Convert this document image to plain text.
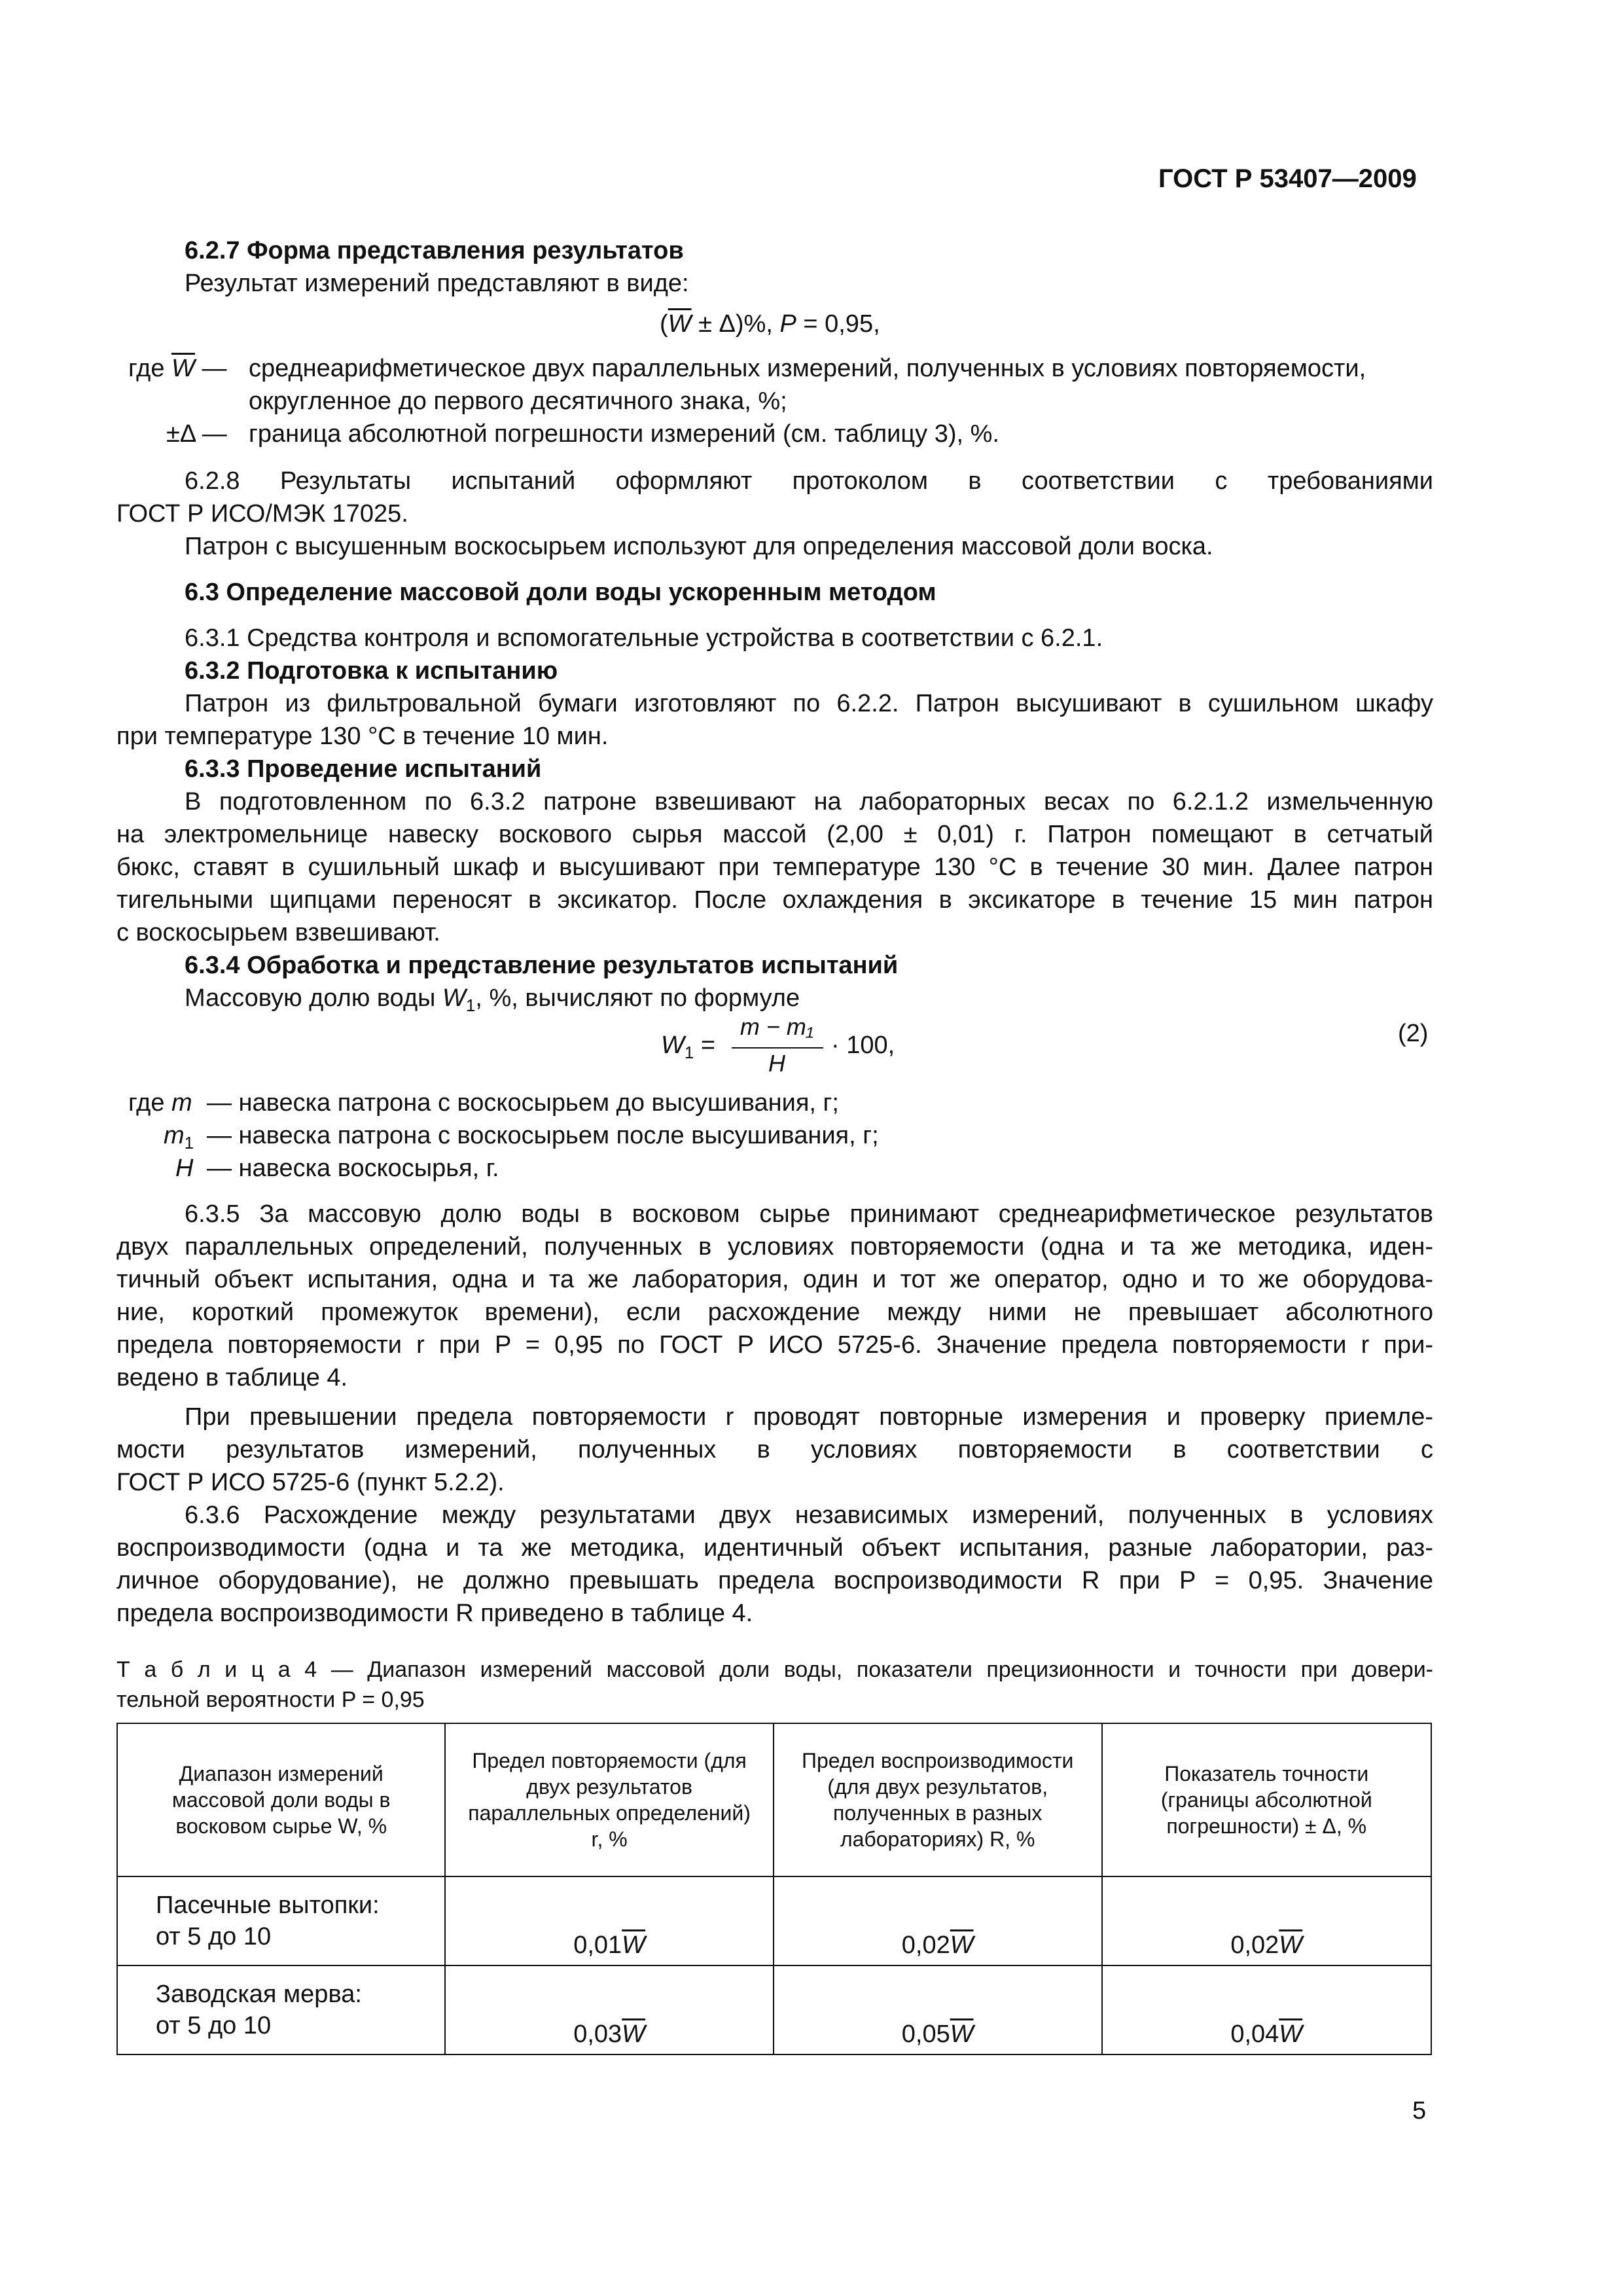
ГОСТ Р 53407—2009
6.2.7 Форма представления результатов
Результат измерений представляют в виде:
$(\overline{W} \pm \Delta)\%$, P = 0,95,
где $\overline{W}$ — среднеарифметическое двух параллельных измерений, полученных в условиях повторяемости,
округленное до первого десятичного знака, %;
±Δ — граница абсолютной погрешности измерений (см. таблицу 3), %.
6.2.8 Результаты испытаний оформляют протоколом в соответствии с требованиями
ГОСТ Р ИСО/МЭК 17025.
Патрон с высушенным воскосырьем используют для определения массовой доли воска.
6.3 Определение массовой доли воды ускоренным методом
6.3.1 Средства контроля и вспомогательные устройства в соответствии с 6.2.1.
6.3.2 Подготовка к испытанию
Патрон из фильтровальной бумаги изготовляют по 6.2.2. Патрон высушивают в сушильном шкафу
при температуре 130 °С в течение 10 мин.
6.3.3 Проведение испытаний
В подготовленном по 6.3.2 патроне взвешивают на лабораторных весах по 6.2.1.2 измельченную
на электромельнице навеску воскового сырья массой (2,00 ± 0,01) г. Патрон помещают в сетчатый
бюкс, ставят в сушильный шкаф и высушивают при температуре 130 °С в течение 30 мин. Далее патрон
тигельными щипцами переносят в эксикатор. После охлаждения в эксикаторе в течение 15 мин патрон
с воскосырьем взвешивают.
6.3.4 Обработка и представление результатов испытаний
Массовую долю воды $W_1$, %, вычисляют по формуле
$W_1$ =
m − m₁
H
· 100,	(2)
где m — навеска патрона с воскосырьем до высушивания, г;
$m_1$ — навеска патрона с воскосырьем после высушивания, г;
H — навеска воскосырья, г.
6.3.5 За массовую долю воды в восковом сырье принимают среднеарифметическое результатов
двух параллельных определений, полученных в условиях повторяемости (одна и та же методика, иден-
тичный объект испытания, одна и та же лаборатория, один и тот же оператор, одно и то же оборудова-
ние, короткий промежуток времени), если расхождение между ними не превышает абсолютного
предела повторяемости r при P = 0,95 по ГОСТ Р ИСО 5725-6. Значение предела повторяемости r при-
ведено в таблице 4.
При превышении предела повторяемости r проводят повторные измерения и проверку приемле-
мости результатов измерений, полученных в условиях повторяемости в соответствии с
ГОСТ Р ИСО 5725-6 (пункт 5.2.2).
6.3.6 Расхождение между результатами двух независимых измерений, полученных в условиях
воспроизводимости (одна и та же методика, идентичный объект испытания, разные лаборатории, раз-
личное оборудование), не должно превышать предела воспроизводимости R при P = 0,95. Значение
предела воспроизводимости R приведено в таблице 4.
Т а б л и ц а 4 — Диапазон измерений массовой доли воды, показатели прецизионности и точности при довери-
тельной вероятности P = 0,95
Диапазон измерений массовой доли воды в восковом сырье W, %	Предел повторяемости (для двух результатов параллельных определений) r, %	Предел воспроизводимости (для двух результатов, полученных в разных лабораториях) R, %	Показатель точности (границы абсолютной погрешности) ± Δ, %

Пасечные вытопки:
от 5 до 10	$0,01\overline{W}$	$0,02\overline{W}$	$0,02\overline{W}$

Заводская мерва:
от 5 до 10	$0,03\overline{W}$	$0,05\overline{W}$	$0,04\overline{W}$
5
